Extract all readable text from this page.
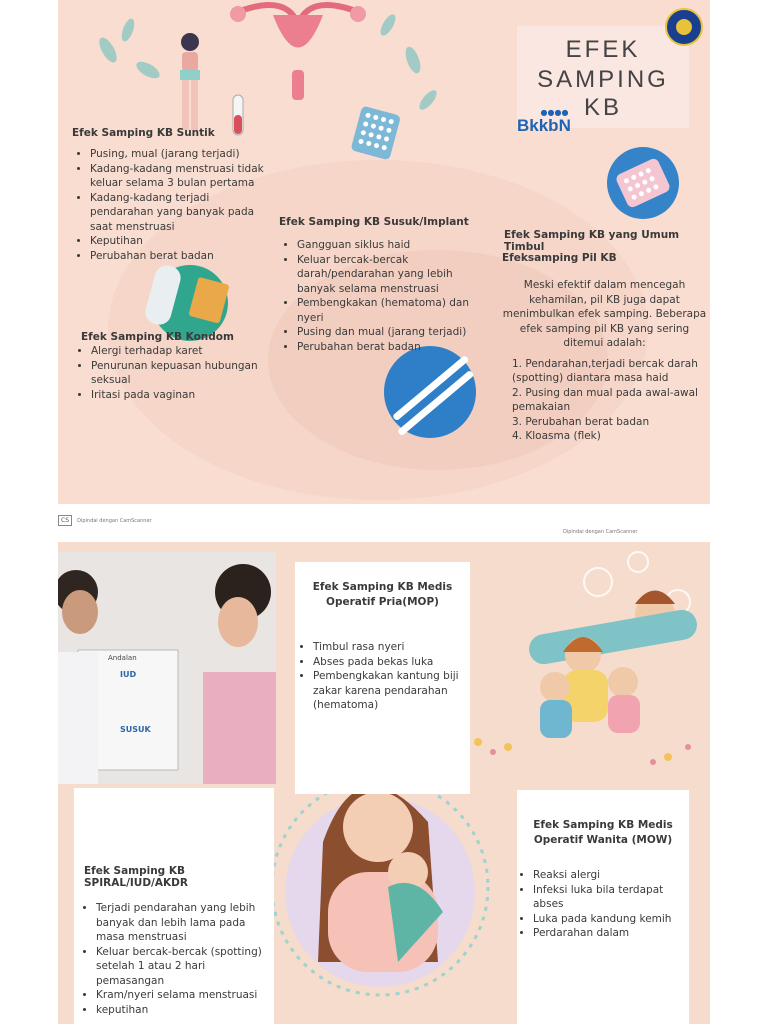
EFEK
SAMPING KB
●●●●
BkkbN
Efek Samping KB Suntik
• Pusing, mual (jarang terjadi)
• Kadang-kadang menstruasi tidak keluar selama 3 bulan pertama
• Kadang-kadang terjadi pendarahan yang banyak pada saat menstruasi
• Keputihan
• Perubahan berat badan
Efek Samping KB Susuk/Implant
• Gangguan siklus haid
• Keluar bercak-bercak darah/pendarahan yang lebih banyak selama menstruasi
• Pembengkakan (hematoma) dan nyeri
• Pusing dan mual (jarang terjadi)
• Perubahan berat badan
Efek Samping KB Kondom
• Alergi terhadap karet
• Penurunan kepuasan hubungan seksual
• Iritasi pada vaginan
Efek Samping KB yang Umum Timbul
Efeksamping Pil KB

Meski efektif dalam mencegah kehamilan, pil KB juga dapat menimbulkan efek samping. Beberapa efek samping pil KB yang sering ditemui adalah:

1. Pendarahan,terjadi bercak darah (spotting) diantara masa haid
2. Pusing dan mual pada awal-awal pemakaian
3. Perubahan berat badan
4. Kloasma (flek)
CS Dipindai dengan CamScanner
Dipindai dengan CamScanner
Andalan
IUD
SUSUK
Efek Samping KB Medis Operatif Pria(MOP)
• Timbul rasa nyeri
• Abses pada bekas luka
• Pembengkakan kantung biji zakar karena pendarahan (hematoma)
Efek Samping KB SPIRAL/IUD/AKDR
• Terjadi pendarahan yang lebih banyak dan lebih lama pada masa menstruasi
• Keluar bercak-bercak (spotting) setelah 1 atau 2 hari pemasangan
• Kram/nyeri selama menstruasi
• keputihan
Efek Samping KB Medis Operatif Wanita (MOW)
• Reaksi alergi
• Infeksi luka bila terdapat abses
• Luka pada kandung kemih
• Perdarahan dalam
